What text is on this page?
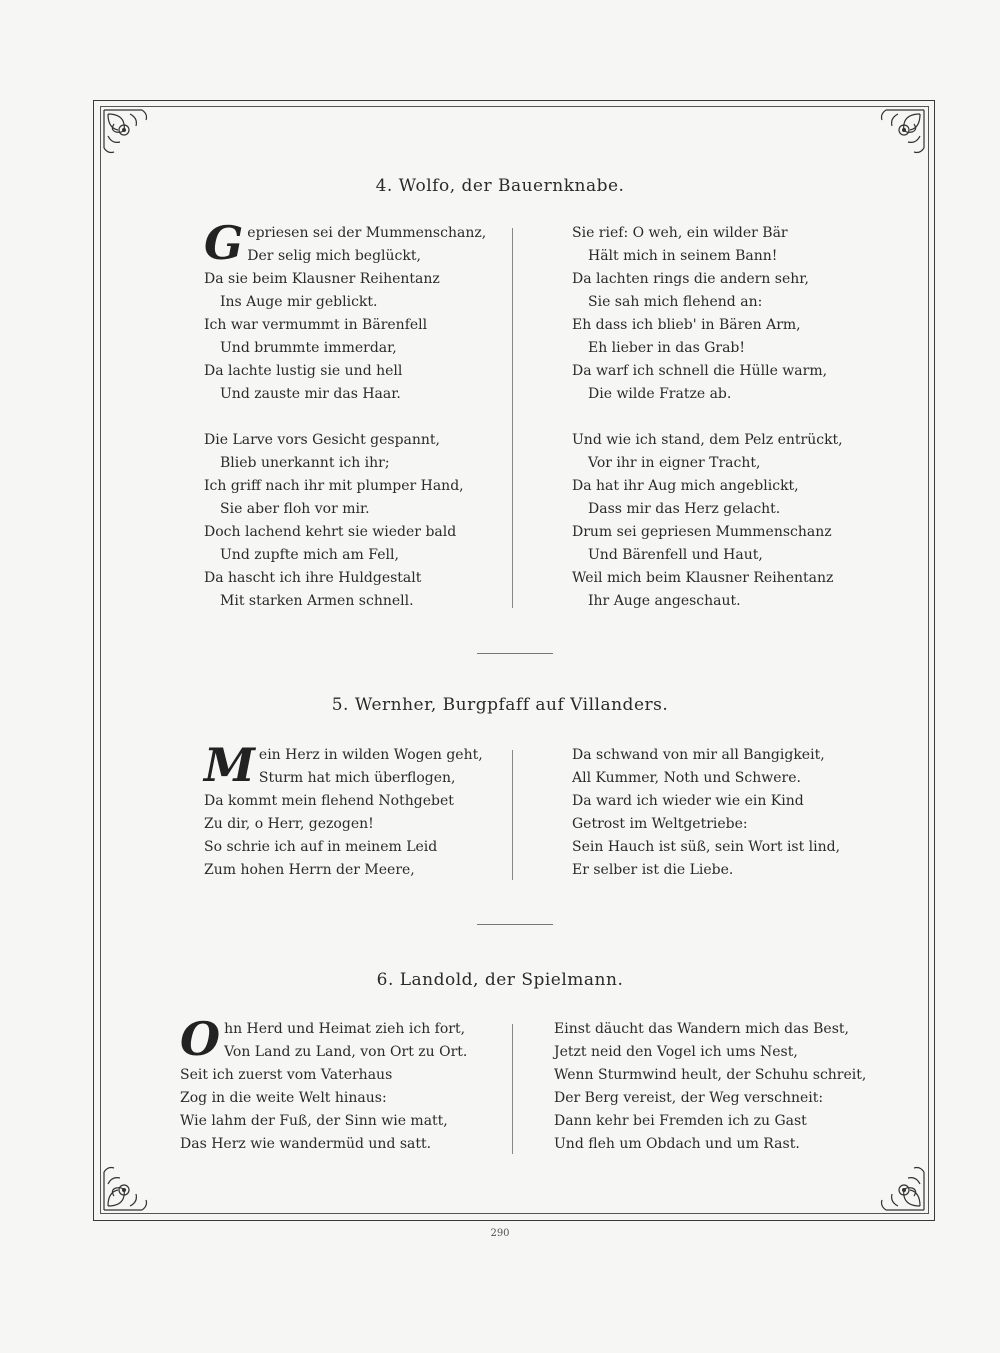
4. Wolfo, der Bauernknabe.
G epriesen sei der Mummenschanz,
Der selig mich beglückt,
Da sie beim Klausner Reihentanz
Ins Auge mir geblickt.
Ich war vermummt in Bärenfell
Und brummte immerdar,
Da lachte lustig sie und hell
Und zauste mir das Haar.
Die Larve vors Gesicht gespannt,
Blieb unerkannt ich ihr;
Ich griff nach ihr mit plumper Hand,
Sie aber floh vor mir.
Doch lachend kehrt sie wieder bald
Und zupfte mich am Fell,
Da hascht ich ihre Huldgestalt
Mit starken Armen schnell.
Sie rief: O weh, ein wilder Bär
Hält mich in seinem Bann!
Da lachten rings die andern sehr,
Sie sah mich flehend an:
Eh dass ich blieb' in Bären Arm,
Eh lieber in das Grab!
Da warf ich schnell die Hülle warm,
Die wilde Fratze ab.
Und wie ich stand, dem Pelz entrückt,
Vor ihr in eigner Tracht,
Da hat ihr Aug mich angeblickt,
Dass mir das Herz gelacht.
Drum sei gepriesen Mummenschanz
Und Bärenfell und Haut,
Weil mich beim Klausner Reihentanz
Ihr Auge angeschaut.
5. Wernher, Burgpfaff auf Villanders.
M ein Herz in wilden Wogen geht,
Sturm hat mich überflogen,
Da kommt mein flehend Nothgebet
Zu dir, o Herr, gezogen!
So schrie ich auf in meinem Leid
Zum hohen Herrn der Meere,
Da schwand von mir all Bangigkeit,
All Kummer, Noth und Schwere.
Da ward ich wieder wie ein Kind
Getrost im Weltgetriebe:
Sein Hauch ist süß, sein Wort ist lind,
Er selber ist die Liebe.
6. Landold, der Spielmann.
O hn Herd und Heimat zieh ich fort,
Von Land zu Land, von Ort zu Ort.
Seit ich zuerst vom Vaterhaus
Zog in die weite Welt hinaus:
Wie lahm der Fuß, der Sinn wie matt,
Das Herz wie wandermüd und satt.
Einst däucht das Wandern mich das Best,
Jetzt neid den Vogel ich ums Nest,
Wenn Sturmwind heult, der Schuhu schreit,
Der Berg vereist, der Weg verschneit:
Dann kehr bei Fremden ich zu Gast
Und fleh um Obdach und um Rast.
290
